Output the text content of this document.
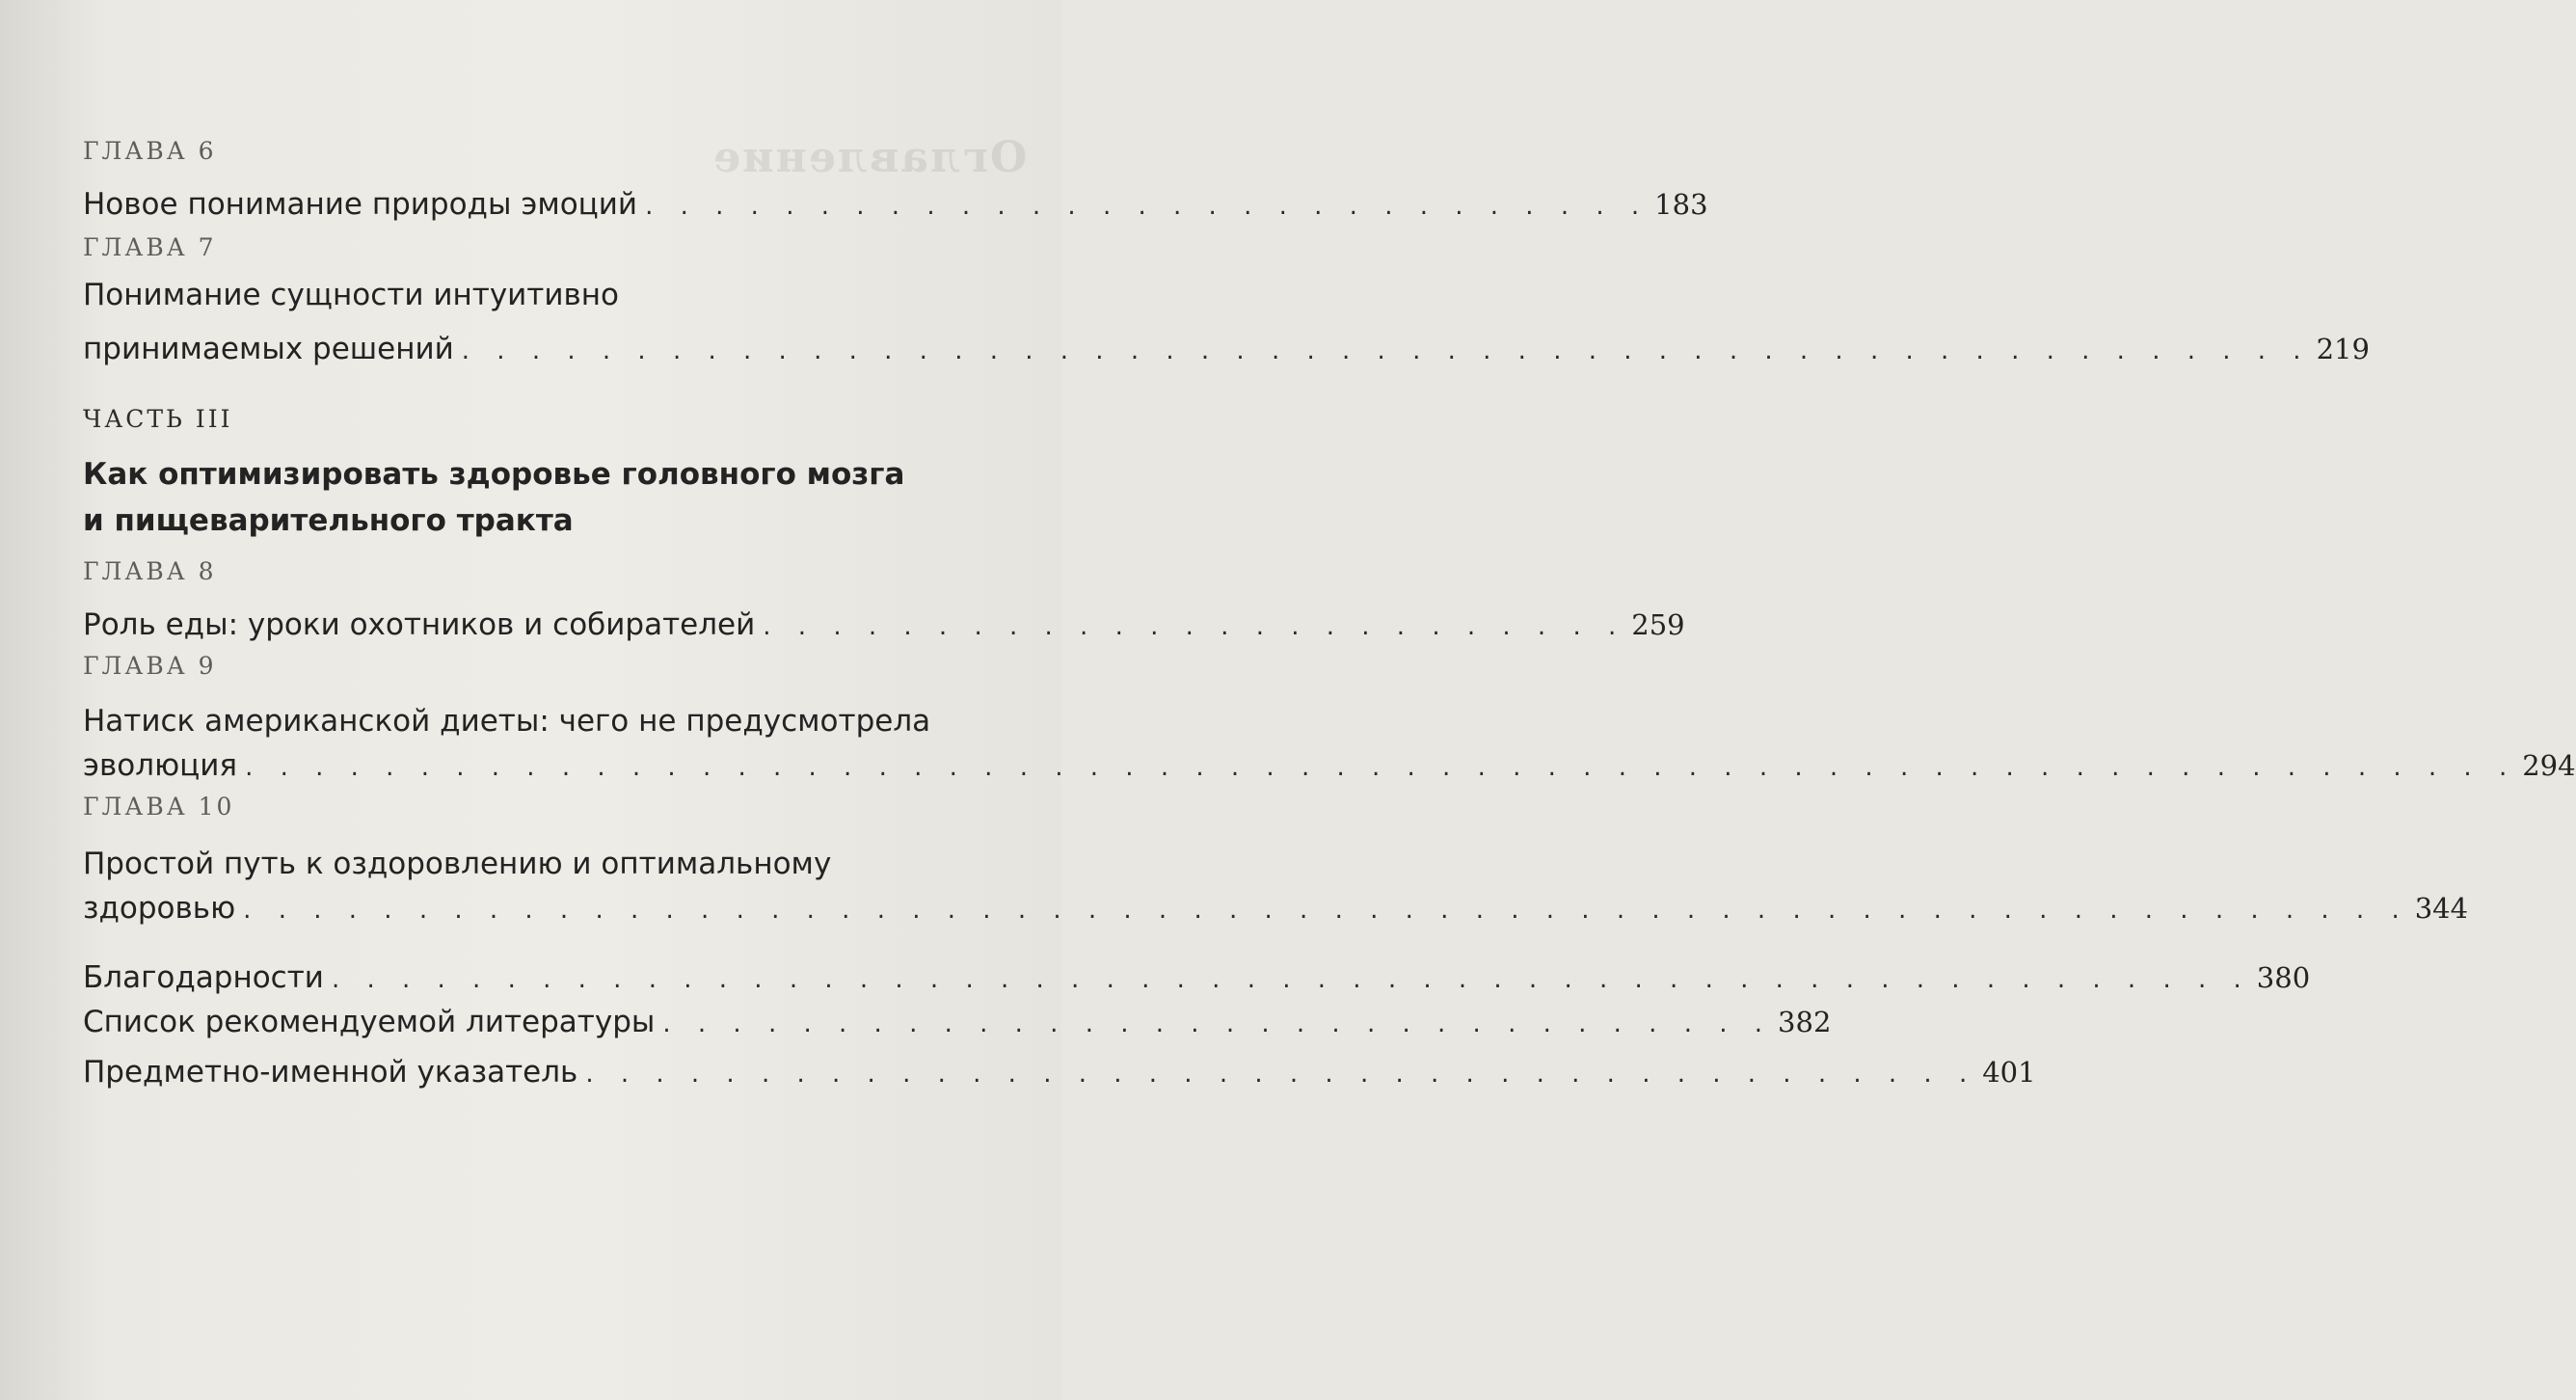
Оглавление
ГЛАВА 6
Новое понимание природы эмоций . . . . . . . . . . . . . . . . . . . . . . . . . . . . . 183
ГЛАВА 7
Понимание сущности интуитивно
принимаемых решений . . . . . . . . . . . . . . . . . . . . . . . . . . . . . . . . . . . . . . . . . . . . . . . . . . . . . 219
ЧАСТЬ III
Как оптимизировать здоровье головного мозга
и пищеварительного тракта
ГЛАВА 8
Роль еды: уроки охотников и собирателей . . . . . . . . . . . . . . . . . . . . . . . . . 259
ГЛАВА 9
Натиск американской диеты: чего не предусмотрела
эволюция . . . . . . . . . . . . . . . . . . . . . . . . . . . . . . . . . . . . . . . . . . . . . . . . . . . . . . . . . . . . . . . . . 294
ГЛАВА 10
Простой путь к оздоровлению и оптимальному
здоровью . . . . . . . . . . . . . . . . . . . . . . . . . . . . . . . . . . . . . . . . . . . . . . . . . . . . . . . . . . . . . . 344
Благодарности . . . . . . . . . . . . . . . . . . . . . . . . . . . . . . . . . . . . . . . . . . . . . . . . . . . . . . . 380
Список рекомендуемой литературы . . . . . . . . . . . . . . . . . . . . . . . . . . . . . . . . 382
Предметно-именной указатель . . . . . . . . . . . . . . . . . . . . . . . . . . . . . . . . . . . . . . . . 401
